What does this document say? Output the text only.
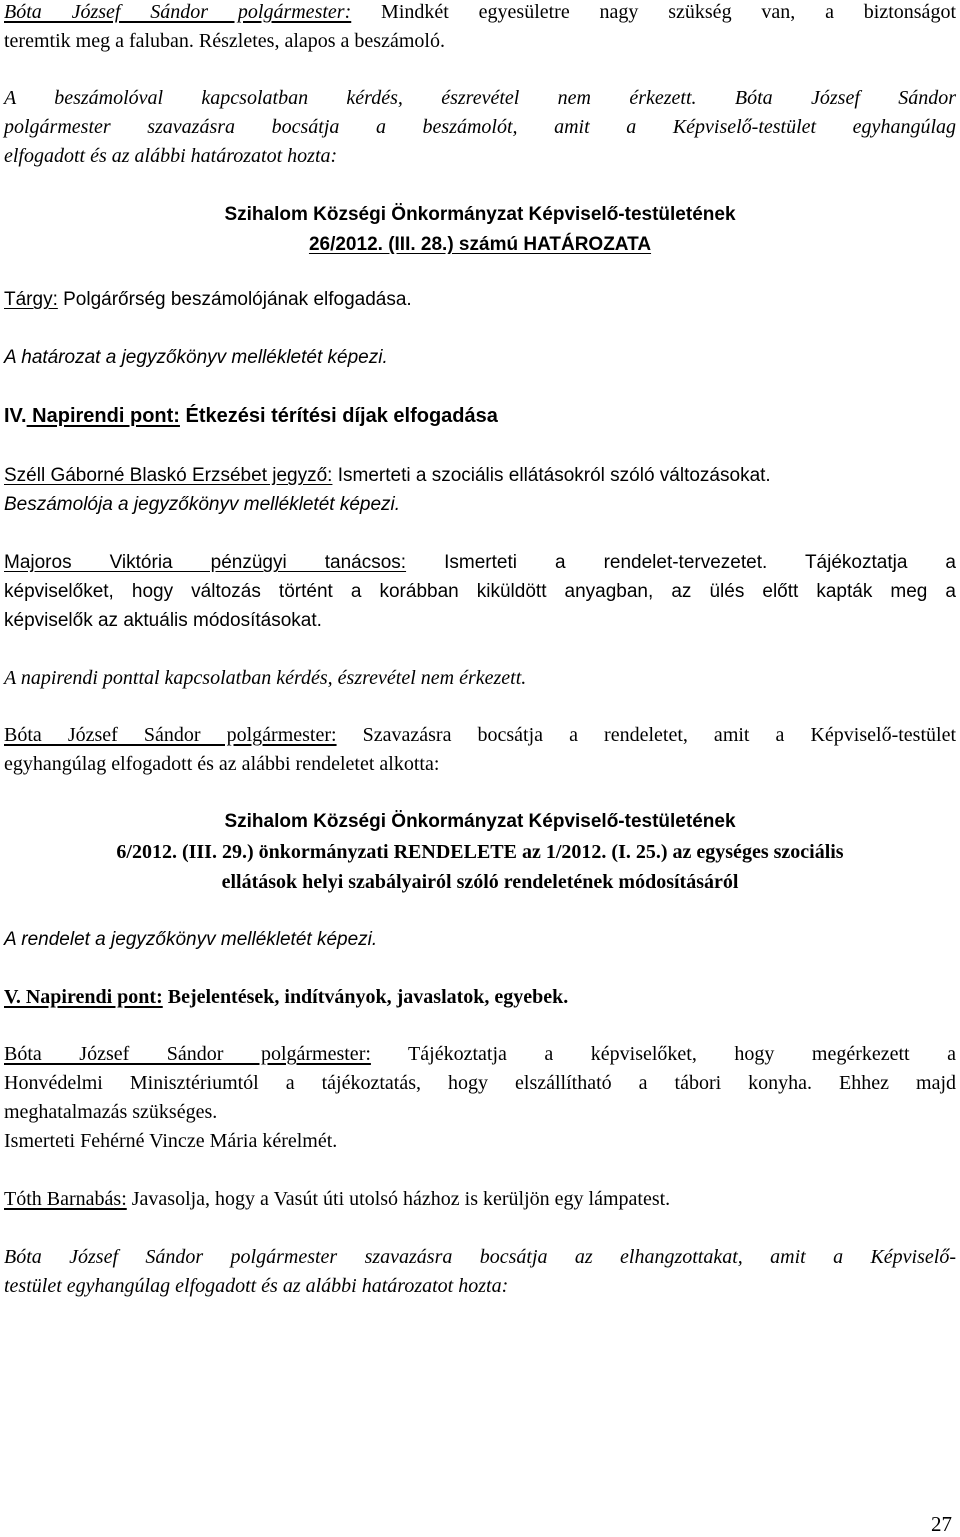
Bóta József Sándor polgármester: Mindkét egyesületre nagy szükség van, a biztonságot
teremtik meg a faluban. Részletes, alapos a beszámoló.
A beszámolóval kapcsolatban kérdés, észrevétel nem érkezett. Bóta József Sándor
polgármester szavazásra bocsátja a beszámolót, amit a Képviselő-testület egyhangúlag
elfogadott és az alábbi határozatot hozta:
Szihalom Községi Önkormányzat Képviselő-testületének
26/2012. (III. 28.) számú HATÁROZATA
Tárgy: Polgárőrség beszámolójának elfogadása.
A határozat a jegyzőkönyv mellékletét képezi.
IV. Napirendi pont: Étkezési térítési díjak elfogadása
Széll Gáborné Blaskó Erzsébet jegyző: Ismerteti a szociális ellátásokról szóló változásokat.
Beszámolója a jegyzőkönyv mellékletét képezi.
Majoros Viktória pénzügyi tanácsos: Ismerteti a rendelet-tervezetet. Tájékoztatja a
képviselőket, hogy változás történt a korábban kiküldött anyagban, az ülés előtt kapták meg a
képviselők az aktuális módosításokat.
A napirendi ponttal kapcsolatban kérdés, észrevétel nem érkezett.
Bóta József Sándor polgármester: Szavazásra bocsátja a rendeletet, amit a Képviselő-testület
egyhangúlag elfogadott és az alábbi rendeletet alkotta:
Szihalom Községi Önkormányzat Képviselő-testületének
6/2012. (III. 29.) önkormányzati RENDELETE az 1/2012. (I. 25.) az egységes szociális
ellátások helyi szabályairól szóló rendeletének módosításáról
A rendelet a jegyzőkönyv mellékletét képezi.
V. Napirendi pont: Bejelentések, indítványok, javaslatok, egyebek.
Bóta József Sándor polgármester: Tájékoztatja a képviselőket, hogy megérkezett a
Honvédelmi Minisztériumtól a tájékoztatás, hogy elszállítható a tábori konyha. Ehhez majd
meghatalmazás szükséges.
Ismerteti Fehérné Vincze Mária kérelmét.
Tóth Barnabás: Javasolja, hogy a Vasút úti utolsó házhoz is kerüljön egy lámpatest.
Bóta József Sándor polgármester szavazásra bocsátja az elhangzottakat, amit a Képviselő-
testület egyhangúlag elfogadott és az alábbi határozatot hozta:
27
